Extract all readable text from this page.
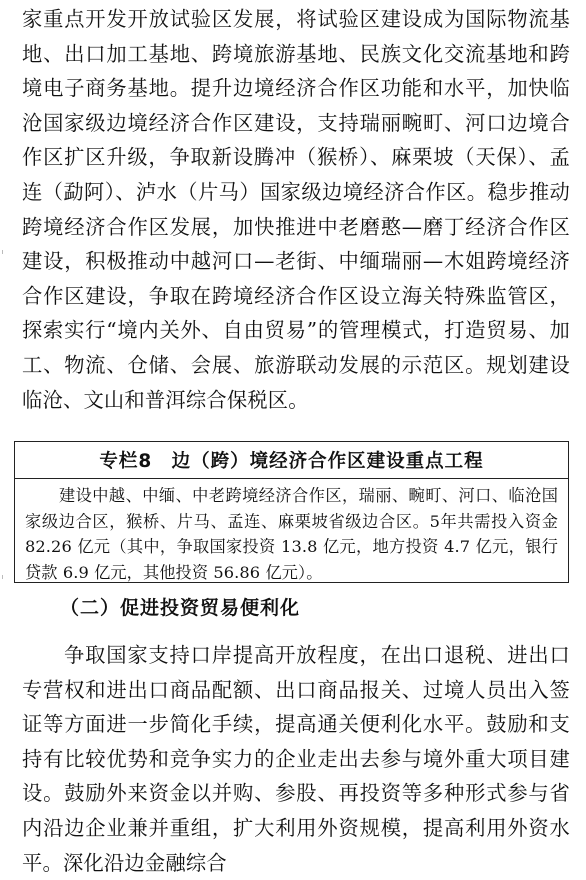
家重点开发开放试验区发展，将试验区建设成为国际物流基地、出口加工基地、跨境旅游基地、民族文化交流基地和跨境电子商务基地。提升边境经济合作区功能和水平，加快临沧国家级边境经济合作区建设，支持瑞丽畹町、河口边境合作区扩区升级，争取新设腾冲（猴桥）、麻栗坡（天保）、孟连（勐阿）、泸水（片马）国家级边境经济合作区。稳步推动跨境经济合作区发展，加快推进中老磨憨—磨丁经济合作区建设，积极推动中越河口—老街、中缅瑞丽—木姐跨境经济合作区建设，争取在跨境经济合作区设立海关特殊监管区，探索实行“境内关外、自由贸易”的管理模式，打造贸易、加工、物流、仓储、会展、旅游联动发展的示范区。规划建设临沧、文山和普洱综合保税区。

专栏8　边（跨）境经济合作区建设重点工程
建设中越、中缅、中老跨境经济合作区，瑞丽、畹町、河口、临沧国家级边合区，猴桥、片马、孟连、麻栗坡省级边合区。5年共需投入资金 82.26 亿元（其中，争取国家投资 13.8 亿元，地方投资 4.7 亿元，银行贷款 6.9 亿元，其他投资 56.86 亿元）。
（二）促进投资贸易便利化

争取国家支持口岸提高开放程度，在出口退税、进出口专营权和进出口商品配额、出口商品报关、过境人员出入签证等方面进一步简化手续，提高通关便利化水平。鼓励和支持有比较优势和竞争实力的企业走出去参与境外重大项目建设。鼓励外来资金以并购、参股、再投资等多种形式参与省内沿边企业兼并重组，扩大利用外资规模，提高利用外资水平。深化沿边金融综合
